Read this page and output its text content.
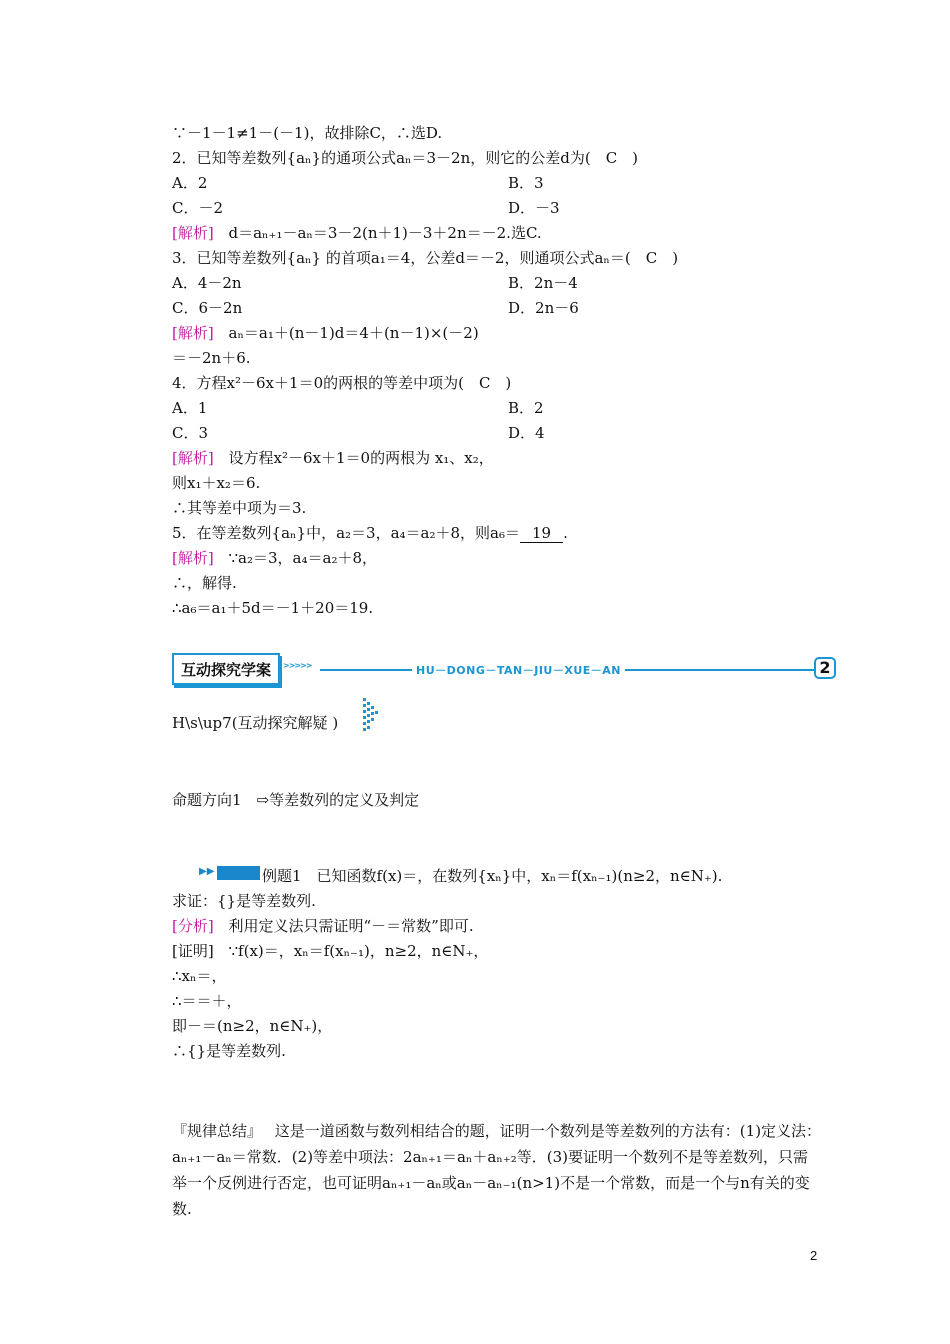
∵－1－1≠1－(－1)，故排除C，∴选D.
2．已知等差数列{aₙ}的通项公式aₙ＝3－2n，则它的公差d为(　C　)
A．2	B．3
C．－2	D．－3
[解析] d＝aₙ₊₁－aₙ＝3－2(n＋1)－3＋2n＝－2.选C.
3．已知等差数列{aₙ} 的首项a₁＝4，公差d＝－2，则通项公式aₙ＝(　C　)
A．4－2n	B．2n－4
C．6－2n	D．2n－6
[解析] aₙ＝a₁＋(n－1)d＝4＋(n－1)×(－2)
＝－2n＋6.
4．方程x²－6x＋1＝0的两根的等差中项为(　C　)
A．1	B．2
C．3	D．4
[解析] 设方程x²－6x＋1＝0的两根为 x₁、x₂，
则x₁＋x₂＝6.
∴其等差中项为＝3.
5．在等差数列{aₙ}中，a₂＝3，a₄＝a₂＋8，则a₆＝ 19 .
[解析] ∵a₂＝3，a₄＝a₂＋8，
∴，解得.
∴a₆＝a₁＋5d＝－1＋20＝19.
互动探究学案	>>>>>	HU－DONG－TAN－JIU－XUE－AN	2
H\s\up7(互动探究解疑 )
命题方向1　⇨等差数列的定义及判定
▶▶	例题1　已知函数f(x)＝，在数列{xₙ}中，xₙ＝f(xₙ₋₁)(n≥2，n∈N₊).
求证：{}是等差数列.
[分析] 利用定义法只需证明“－＝常数”即可.
[证明] ∵f(x)＝，xₙ＝f(xₙ₋₁)，n≥2，n∈N₊，
∴xₙ＝，
∴＝＝＋，
即－＝(n≥2，n∈N₊)，
∴{}是等差数列.
『规律总结』 这是一道函数与数列相结合的题，证明一个数列是等差数列的方法有：(1)定义法：aₙ₊₁－aₙ＝常数．(2)等差中项法：2aₙ₊₁＝aₙ＋aₙ₊₂等．(3)要证明一个数列不是等差数列，只需举一个反例进行否定，也可证明aₙ₊₁－aₙ或aₙ－aₙ₋₁(n>1)不是一个常数，而是一个与n有关的变数.
2
